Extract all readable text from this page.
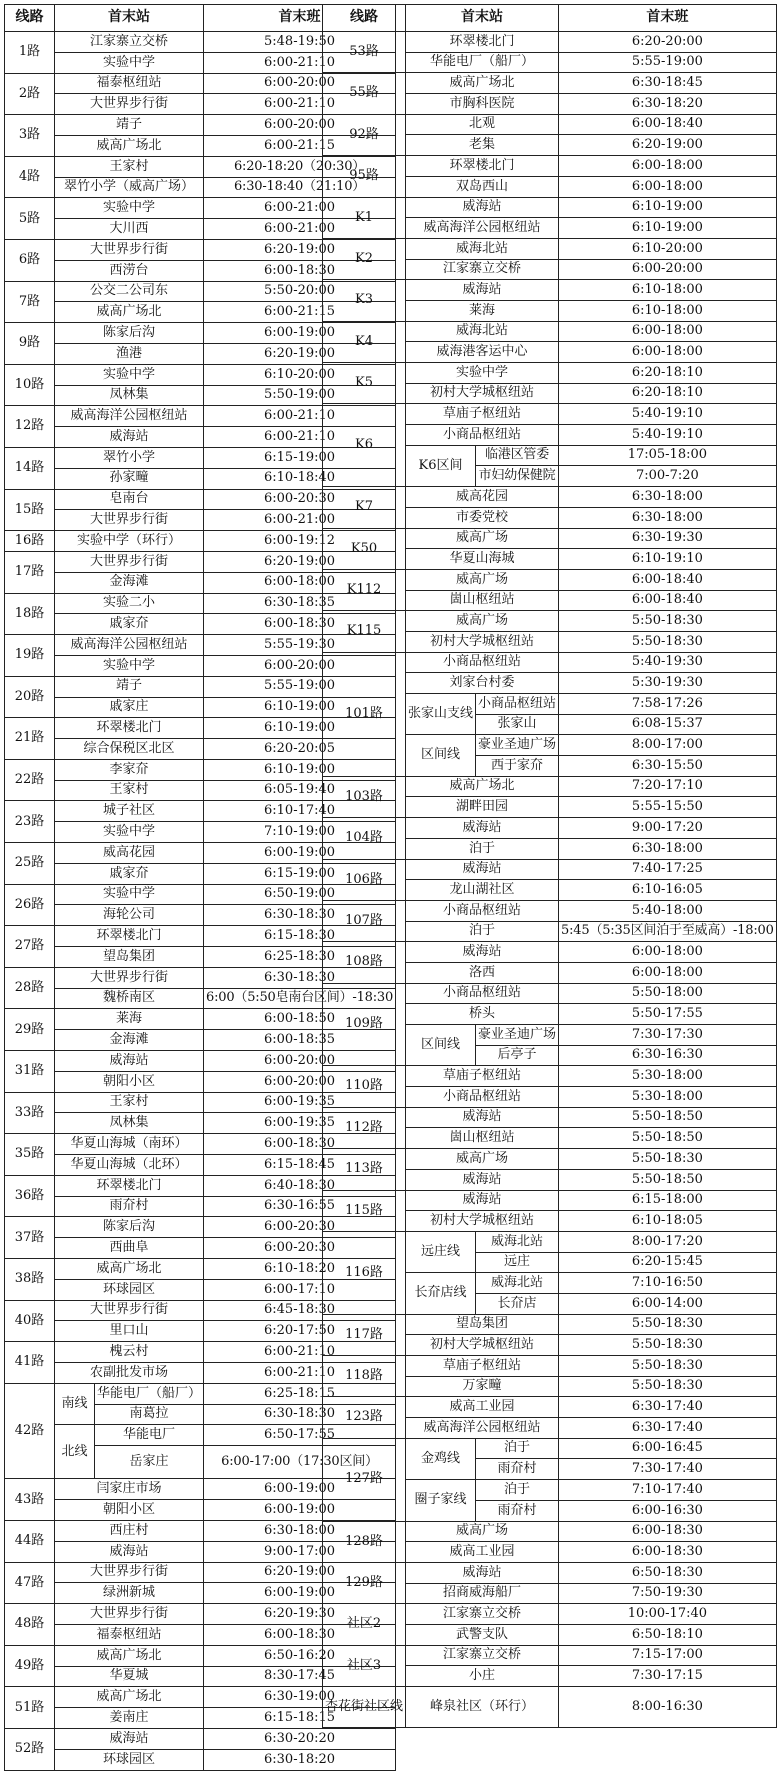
线路	首末站		首末班
1路	江家寨立交桥		5:48-19:50
	实验中学		6:00-21:10
2路	福泰枢纽站		6:00-20:00
	大世界步行街		6:00-21:10
3路	靖子		6:00-20:00
	威高广场北		6:00-21:15
4路	王家村		6:20-18:20（20:30）
	翠竹小学（威高广场）		6:30-18:40（21:10）
5路	实验中学		6:00-21:00
	大川西		6:00-21:00
6路	大世界步行街		6:20-19:00
	西涝台		6:00-18:30
7路	公交二公司东		5:50-20:00
	威高广场北		6:00-21:15
9路	陈家后沟		6:00-19:00
	渔港		6:20-19:00
10路	实验中学		6:10-20:00
	凤林集		5:50-19:00
12路	威高海洋公园枢纽站		6:00-21:10
	威海站		6:00-21:10
14路	翠竹小学		6:15-19:00
	孙家疃		6:10-18:40
15路	皂南台		6:00-20:30
	大世界步行街		6:00-21:00
16路	实验中学（环行）		6:00-19:12
17路	大世界步行街		6:20-19:00
	金海滩		6:00-18:00
18路	实验二小		6:30-18:35
	戚家夼		6:00-18:30
19路	威高海洋公园枢纽站		5:55-19:30
	实验中学		6:00-20:00
20路	靖子		5:55-19:00
	戚家庄		6:10-19:00
21路	环翠楼北门		6:10-19:00
	综合保税区北区		6:20-20:05
22路	李家夼		6:10-19:00
	王家村		6:05-19:40
23路	城子社区		6:10-17:40
	实验中学		7:10-19:00
25路	威高花园		6:00-19:00
	戚家夼		6:15-19:00
26路	实验中学		6:50-19:00
	海轮公司		6:30-18:30
27路	环翠楼北门		6:15-18:30
	望岛集团		6:25-18:30
28路	大世界步行街		6:30-18:30
	魏桥南区		6:00（5:50皂南台区间）-18:30
29路	莱海		6:00-18:50
	金海滩		6:00-18:35
31路	威海站		6:00-20:00
	朝阳小区		6:00-20:00
33路	王家村		6:00-19:35
	凤林集		6:00-19:35
35路	华夏山海城（南环）		6:00-18:30
	华夏山海城（北环）		6:15-18:45
36路	环翠楼北门		6:40-18:30
	雨夼村		6:30-16:55
37路	陈家后沟		6:00-20:30
	西曲阜		6:00-20:30
38路	威高广场北		6:10-18:20
	环球园区		6:00-17:10
40路	大世界步行街		6:45-18:30
	里口山		6:20-17:50
41路	槐云村		6:00-21:10
	农副批发市场		6:00-21:10
42路	南线	华能电厂（船厂）	6:25-18:15
		南葛拉	6:30-18:30
	北线	华能电厂	6:50-17:55
		岳家庄	6:00-17:00（17:30区间）
43路	闫家庄市场		6:00-19:00
	朝阳小区		6:00-19:00
44路	西庄村		6:30-18:00
	威海站		9:00-17:00
47路	大世界步行街		6:20-19:00
	绿洲新城		6:00-19:00
48路	大世界步行街		6:20-19:30
	福泰枢纽站		6:00-18:30
49路	威高广场北		6:50-16:20
	华夏城		8:30-17:45
51路	威高广场北		6:30-19:00
	姜南庄		6:15-18:15
52路	威海站		6:30-20:20
	环球园区		6:30-18:20
线路	首末站		首末班
53路	环翠楼北门		6:20-20:00
	华能电厂（船厂）		5:55-19:00
55路	威高广场北		6:30-18:45
	市胸科医院		6:30-18:20
92路	北观		6:00-18:40
	老集		6:20-19:00
95路	环翠楼北门		6:00-18:00
	双岛西山		6:00-18:00
K1	威海站		6:10-19:00
	威高海洋公园枢纽站		6:10-19:00
K2	威海北站		6:10-20:00
	江家寨立交桥		6:00-20:00
K3	威海站		6:10-18:00
	莱海		6:10-18:00
K4	威海北站		6:00-18:00
	威海港客运中心		6:00-18:00
K5	实验中学		6:20-18:10
	初村大学城枢纽站		6:20-18:10
K6	草庙子枢纽站		5:40-19:10
	小商品枢纽站		5:40-19:10
	K6区间	临港区管委	17:05-18:00
		市妇幼保健院	7:00-7:20
K7	威高花园		6:30-18:00
	市委党校		6:30-18:00
K50	威高广场		6:30-19:30
	华夏山海城		6:10-19:10
K112	威高广场		6:00-18:40
	崮山枢纽站		6:00-18:40
K115	威高广场		5:50-18:30
	初村大学城枢纽站		5:50-18:30
101路	小商品枢纽站		5:40-19:30
	刘家台村委		5:30-19:30
	张家山支线	小商品枢纽站	7:58-17:26
		张家山	6:08-15:37
	区间线	豪业圣迪广场	8:00-17:00
		西于家夼	6:30-15:50
103路	威高广场北		7:20-17:10
	湖畔田园		5:55-15:50
104路	威海站		9:00-17:20
	泊于		6:30-18:00
106路	威海站		7:40-17:25
	龙山湖社区		6:10-16:05
107路	小商品枢纽站		5:40-18:00
	泊于		5:45（5:35区间泊于至威高）-18:00
108路	威海站		6:00-18:00
	洛西		6:00-18:00
109路	小商品枢纽站		5:50-18:00
	桥头		5:50-17:55
	区间线	豪业圣迪广场	7:30-17:30
		后亭子	6:30-16:30
110路	草庙子枢纽站		5:30-18:00
	小商品枢纽站		5:30-18:00
112路	威海站		5:50-18:50
	崮山枢纽站		5:50-18:50
113路	威高广场		5:50-18:30
	威海站		5:50-18:50
115路	威海站		6:15-18:00
	初村大学城枢纽站		6:10-18:05
116路	远庄线	威海北站	8:00-17:20
		远庄	6:20-15:45
	长夼店线	威海北站	7:10-16:50
		长夼店	6:00-14:00
117路	望岛集团		5:50-18:30
	初村大学城枢纽站		5:50-18:30
118路	草庙子枢纽站		5:50-18:30
	万家疃		5:50-18:30
123路	威高工业园		6:30-17:40
	威高海洋公园枢纽站		6:30-17:40
127路	金鸡线	泊于	6:00-16:45
		雨夼村	7:30-17:40
	圈子家线	泊于	7:10-17:40
		雨夼村	6:00-16:30
128路	威高广场		6:00-18:30
	威高工业园		6:00-18:30
129路	威海站		6:50-18:30
	招商威海船厂		7:50-19:30
社区2	江家寨立交桥		10:00-17:40
	武警支队		6:50-18:10
社区3	江家寨立交桥		7:15-17:00
	小庄		7:30-17:15
杏花街社区线	峰泉社区（环行）		8:00-16:30
